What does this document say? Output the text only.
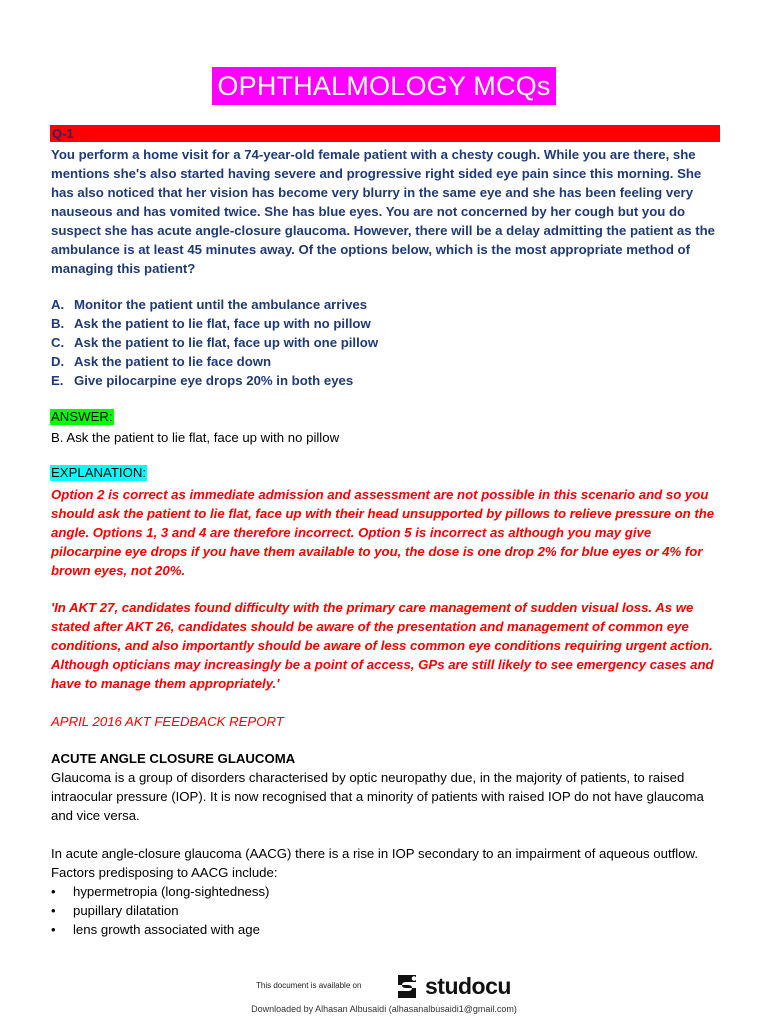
OPHTHALMOLOGY MCQs
Q-1
You perform a home visit for a 74-year-old female patient with a chesty cough. While you are there, she mentions she's also started having severe and progressive right sided eye pain since this morning. She has also noticed that her vision has become very blurry in the same eye and she has been feeling very nauseous and has vomited twice. She has blue eyes. You are not concerned by her cough but you do suspect she has acute angle-closure glaucoma. However, there will be a delay admitting the patient as the ambulance is at least 45 minutes away. Of the options below, which is the most appropriate method of managing this patient?
A. Monitor the patient until the ambulance arrives
B. Ask the patient to lie flat, face up with no pillow
C. Ask the patient to lie flat, face up with one pillow
D. Ask the patient to lie face down
E. Give pilocarpine eye drops 20% in both eyes
ANSWER:
B. Ask the patient to lie flat, face up with no pillow
EXPLANATION:
Option 2 is correct as immediate admission and assessment are not possible in this scenario and so you should ask the patient to lie flat, face up with their head unsupported by pillows to relieve pressure on the angle. Options 1, 3 and 4 are therefore incorrect. Option 5 is incorrect as although you may give pilocarpine eye drops if you have them available to you, the dose is one drop 2% for blue eyes or 4% for brown eyes, not 20%.
'In AKT 27, candidates found difficulty with the primary care management of sudden visual loss. As we stated after AKT 26, candidates should be aware of the presentation and management of common eye conditions, and also importantly should be aware of less common eye conditions requiring urgent action. Although opticians may increasingly be a point of access, GPs are still likely to see emergency cases and have to manage them appropriately.'
APRIL 2016 AKT FEEDBACK REPORT
ACUTE ANGLE CLOSURE GLAUCOMA
Glaucoma is a group of disorders characterised by optic neuropathy due, in the majority of patients, to raised intraocular pressure (IOP). It is now recognised that a minority of patients with raised IOP do not have glaucoma and vice versa.
In acute angle-closure glaucoma (AACG) there is a rise in IOP secondary to an impairment of aqueous outflow. Factors predisposing to AACG include:
•	hypermetropia (long-sightedness)
•	pupillary dilatation
•	lens growth associated with age
This document is available on	studocu
Downloaded by Alhasan Albusaidi (alhasanalbusaidi1@gmail.com)
